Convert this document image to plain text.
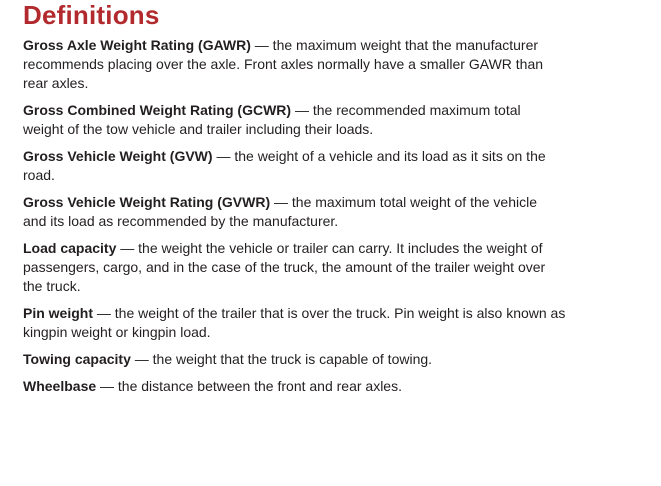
Definitions

Gross Axle Weight Rating (GAWR) — the maximum weight that the manufacturer recommends placing over the axle. Front axles normally have a smaller GAWR than rear axles.

Gross Combined Weight Rating (GCWR) — the recommended maximum total weight of the tow vehicle and trailer including their loads.

Gross Vehicle Weight (GVW) — the weight of a vehicle and its load as it sits on the road.

Gross Vehicle Weight Rating (GVWR) — the maximum total weight of the vehicle and its load as recommended by the manufacturer.

Load capacity — the weight the vehicle or trailer can carry. It includes the weight of passengers, cargo, and in the case of the truck, the amount of the trailer weight over the truck.

Pin weight — the weight of the trailer that is over the truck. Pin weight is also known as kingpin weight or kingpin load.

Towing capacity — the weight that the truck is capable of towing.

Wheelbase — the distance between the front and rear axles.
